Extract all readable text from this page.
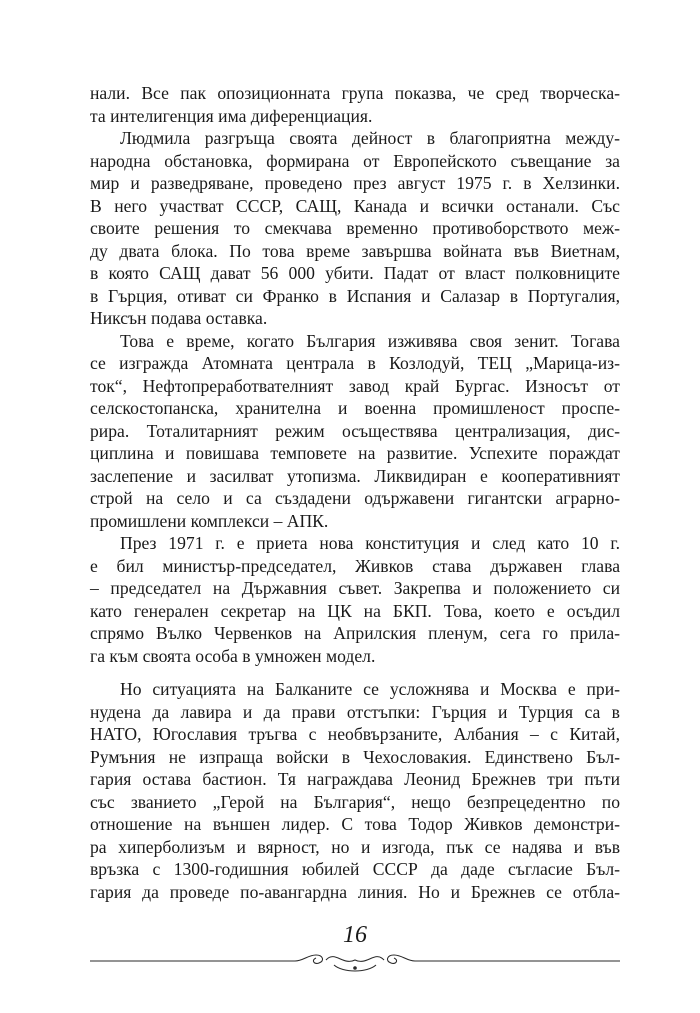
нали. Все пак опозиционната група показва, че сред творческа-
та интелигенция има диференциация.
Людмила разгръща своята дейност в благоприятна между-
народна обстановка, формирана от Европейското съвещание за
мир и разведряване, проведено през август 1975 г. в Хелзинки.
В него участват СССР, САЩ, Канада и всички останали. Със
своите решения то смекчава временно противоборството меж-
ду двата блока. По това време завършва войната във Виетнам,
в която САЩ дават 56 000 убити. Падат от власт полковниците
в Гърция, отиват си Франко в Испания и Салазар в Португалия,
Никсън подава оставка.
Това е време, когато България изживява своя зенит. Тогава
се изгражда Атомната централа в Козлодуй, ТЕЦ „Марица-из-
ток“, Нефтопреработвателният завод край Бургас. Износът от
селскостопанска, хранителна и военна промишленост проспе-
рира. Тоталитарният режим осъществява централизация, дис-
циплина и повишава темповете на развитие. Успехите пораждат
заслепение и засилват утопизма. Ликвидиран е кооперативният
строй на село и са създадени одържавени гигантски аграрно-
промишлени комплекси – АПК.
През 1971 г. е приета нова конституция и след като 10 г.
е бил министър-председател, Живков става държавен глава
– председател на Държавния съвет. Закрепва и положението си
като генерален секретар на ЦК на БКП. Това, което е осъдил
спрямо Вълко Червенков на Априлския пленум, сега го прила-
га към своята особа в умножен модел.
Но ситуацията на Балканите се усложнява и Москва е при-
нудена да лавира и да прави отстъпки: Гърция и Турция са в
НАТО, Югославия тръгва с необвързаните, Албания – с Китай,
Румъния не изпраща войски в Чехословакия. Единствено Бъл-
гария остава бастион. Тя награждава Леонид Брежнев три пъти
със званието „Герой на България“, нещо безпрецедентно по
отношение на външен лидер. С това Тодор Живков демонстри-
ра хиперболизъм и вярност, но и изгода, пък се надява и във
връзка с 1300-годишния юбилей СССР да даде съгласие Бъл-
гария да проведе по-авангардна линия. Но и Брежнев се отбла-
16
